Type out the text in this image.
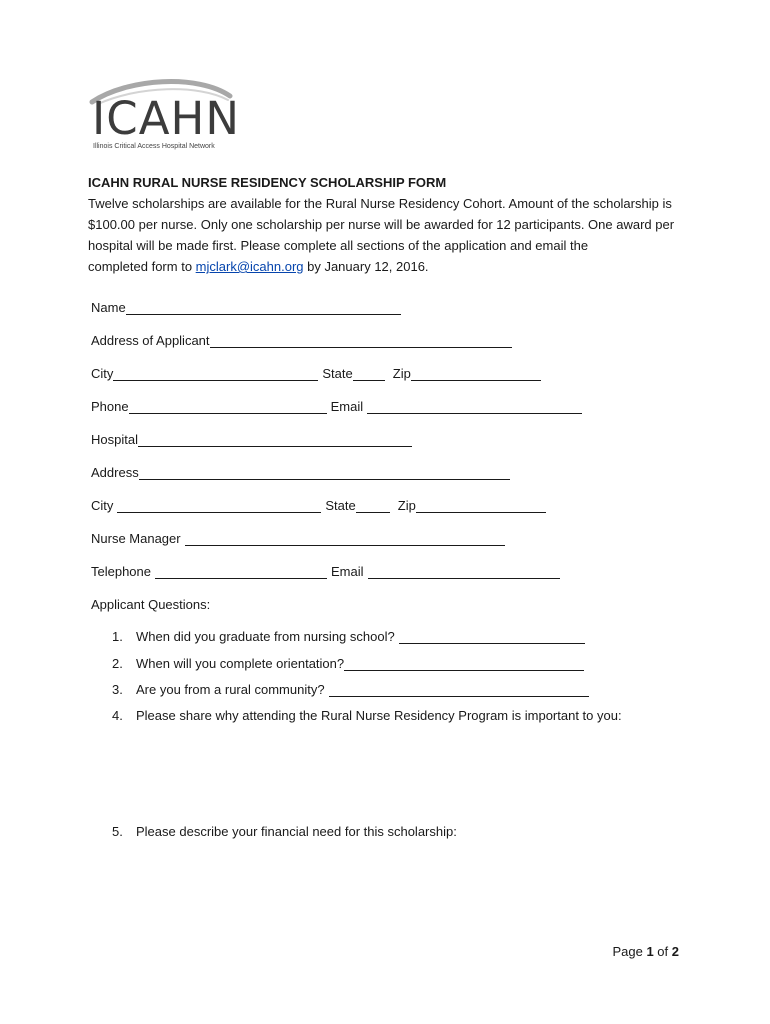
ICAHN
Illinois Critical Access Hospital Network
ICAHN RURAL NURSE RESIDENCY SCHOLARSHIP FORM

Twelve scholarships are available for the Rural Nurse Residency Cohort. Amount of the scholarship is

$100.00 per nurse. Only one scholarship per nurse will be awarded for 12 participants. One award per

hospital will be made first. Please complete all sections of the application and email the

completed form to mjclark@icahn.org by January 12, 2016.

Name
Address of Applicant
City	State	Zip
Phone	Email
Hospital
Address
City	State	Zip
Nurse Manager
Telephone	Email
Applicant Questions:
1.	When did you graduate from nursing school?
2.	When will you complete orientation?
3.	Are you from a rural community?
4.	Please share why attending the Rural Nurse Residency Program is important to you:
5.	Please describe your financial need for this scholarship:
Page 1 of 2
